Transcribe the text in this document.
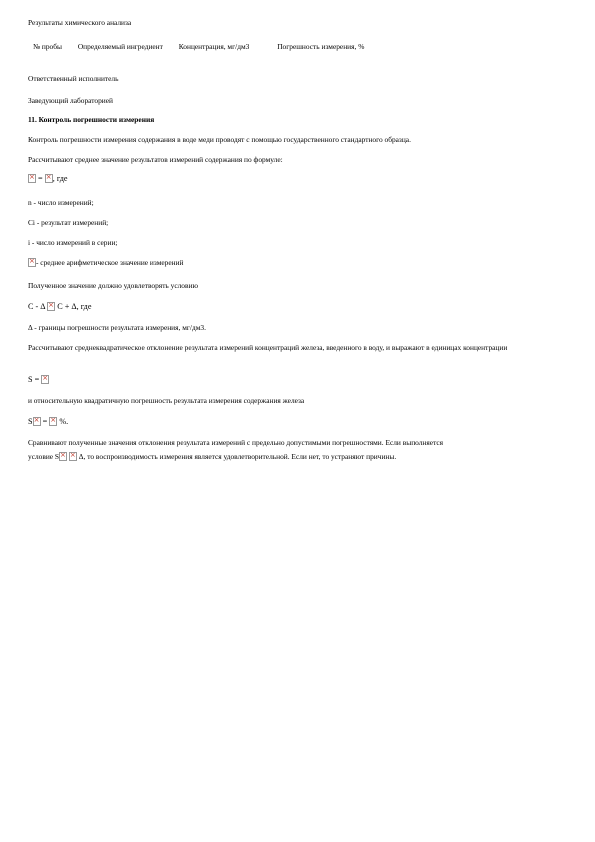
Результаты химического анализа
№ пробы Определяемый ингредиент Концентрация, мг/дм3	Погрешность измерения, %
Ответственный исполнитель
Заведующий лабораторией
11. Контроль погрешности измерения
Контроль погрешности измерения содержания в воде меди проводят с помощью государственного стандартного образца.
Рассчитывают среднее значение результатов измерений содержания по формуле:
× = ×, где
n - число измерений;
Ci - результат измерений;
i - число измерений в серии;
×- среднее арифметическое значение измерений
Полученное значение должно удовлетворять условию
C - Δ × C + Δ, где
Δ - границы погрешности результата измерения, мг/дм3.
Рассчитывают среднеквадратическое отклонение результата измерений концентраций железа, введенного в воду, и выражают в единицах концентрации
S = ×
и относительную квадратичную погрешность результата измерения содержания железа
S × = × %.
Сравнивают полученные значения отклонения результата измерений с предельно допустимыми погрешностями. Если выполняется
условие S × ×	Δ, то воспроизводимость измерения является удовлетворительной. Если нет, то устраняют причины.
